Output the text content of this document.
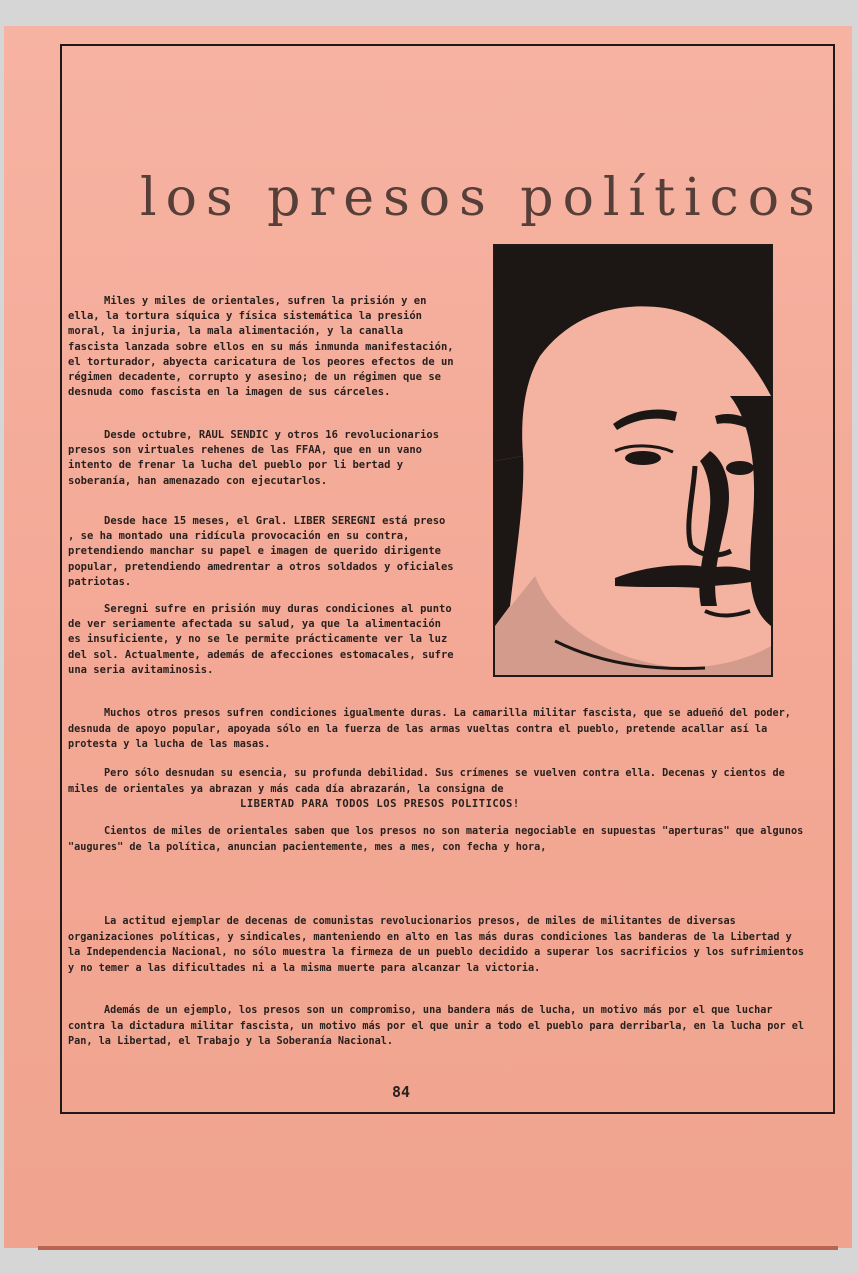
⠀
los presos políticos

Miles y miles de orientales, sufren la prisión y en ella, la tortura síquica y física sistemática la presión moral, la injuria, la mala alimentación, y la canalla fascista lanzada sobre ellos en su más inmunda manifestación, el torturador, abyecta caricatura de los peores efectos de un régimen decadente, corrupto y asesino; de un régimen que se desnuda como fascista en la imagen de sus cárceles.

Desde octubre, RAUL SENDIC y otros 16 revolucionarios presos son virtuales rehenes de las FFAA, que en un vano intento de frenar la lucha del pueblo por li bertad y soberanía, han amenazado con ejecutarlos.

Desde hace 15 meses, el Gral. LIBER SEREGNI está preso , se ha montado una ridícula provocación en su contra, pretendiendo manchar su papel e imagen de querido dirigente popular, pretendiendo amedrentar a otros soldados y oficiales patriotas.

Seregni sufre en prisión muy duras condiciones al punto de ver seriamente afectada su salud, ya que la alimentación es insuficiente, y no se le permite prácticamente ver la luz del sol. Actualmente, además de afecciones estomacales, sufre una seria avitaminosis.

Muchos otros presos sufren condiciones igualmente duras. La camarilla militar fascista, que se adueñó del poder, desnuda de apoyo popular, apoyada sólo en la fuerza de las armas vueltas contra el pueblo, pretende acallar así la protesta y la lucha de las masas.

Pero sólo desnudan su esencia, su profunda debilidad. Sus crímenes se vuelven contra ella. Decenas y cientos de miles de orientales ya abrazan y más cada día abrazarán, la consigna de

LIBERTAD PARA TODOS LOS PRESOS POLITICOS!

Cientos de miles de orientales saben que los presos no son materia negociable en supuestas "aperturas" que algunos "augures" de la política, anuncian pacientemente, mes a mes, con fecha y hora,

La actitud ejemplar de decenas de comunistas revolucionarios presos, de miles de militantes de diversas organizaciones políticas, y sindicales, manteniendo en alto en las más duras condiciones las banderas de la Libertad y la Independencia Nacional, no sólo muestra la firmeza de un pueblo decidido a superar los sacrificios y los sufrimientos y no temer a las dificultades ni a la misma muerte para alcanzar la victoria.

Además de un ejemplo, los presos son un compromiso, una bandera más de lucha, un motivo más por el que luchar contra la dictadura militar fascista, un motivo más por el que unir a todo el pueblo para derribarla, en la lucha por el Pan, la Libertad, el Trabajo y la Soberanía Nacional.

84
